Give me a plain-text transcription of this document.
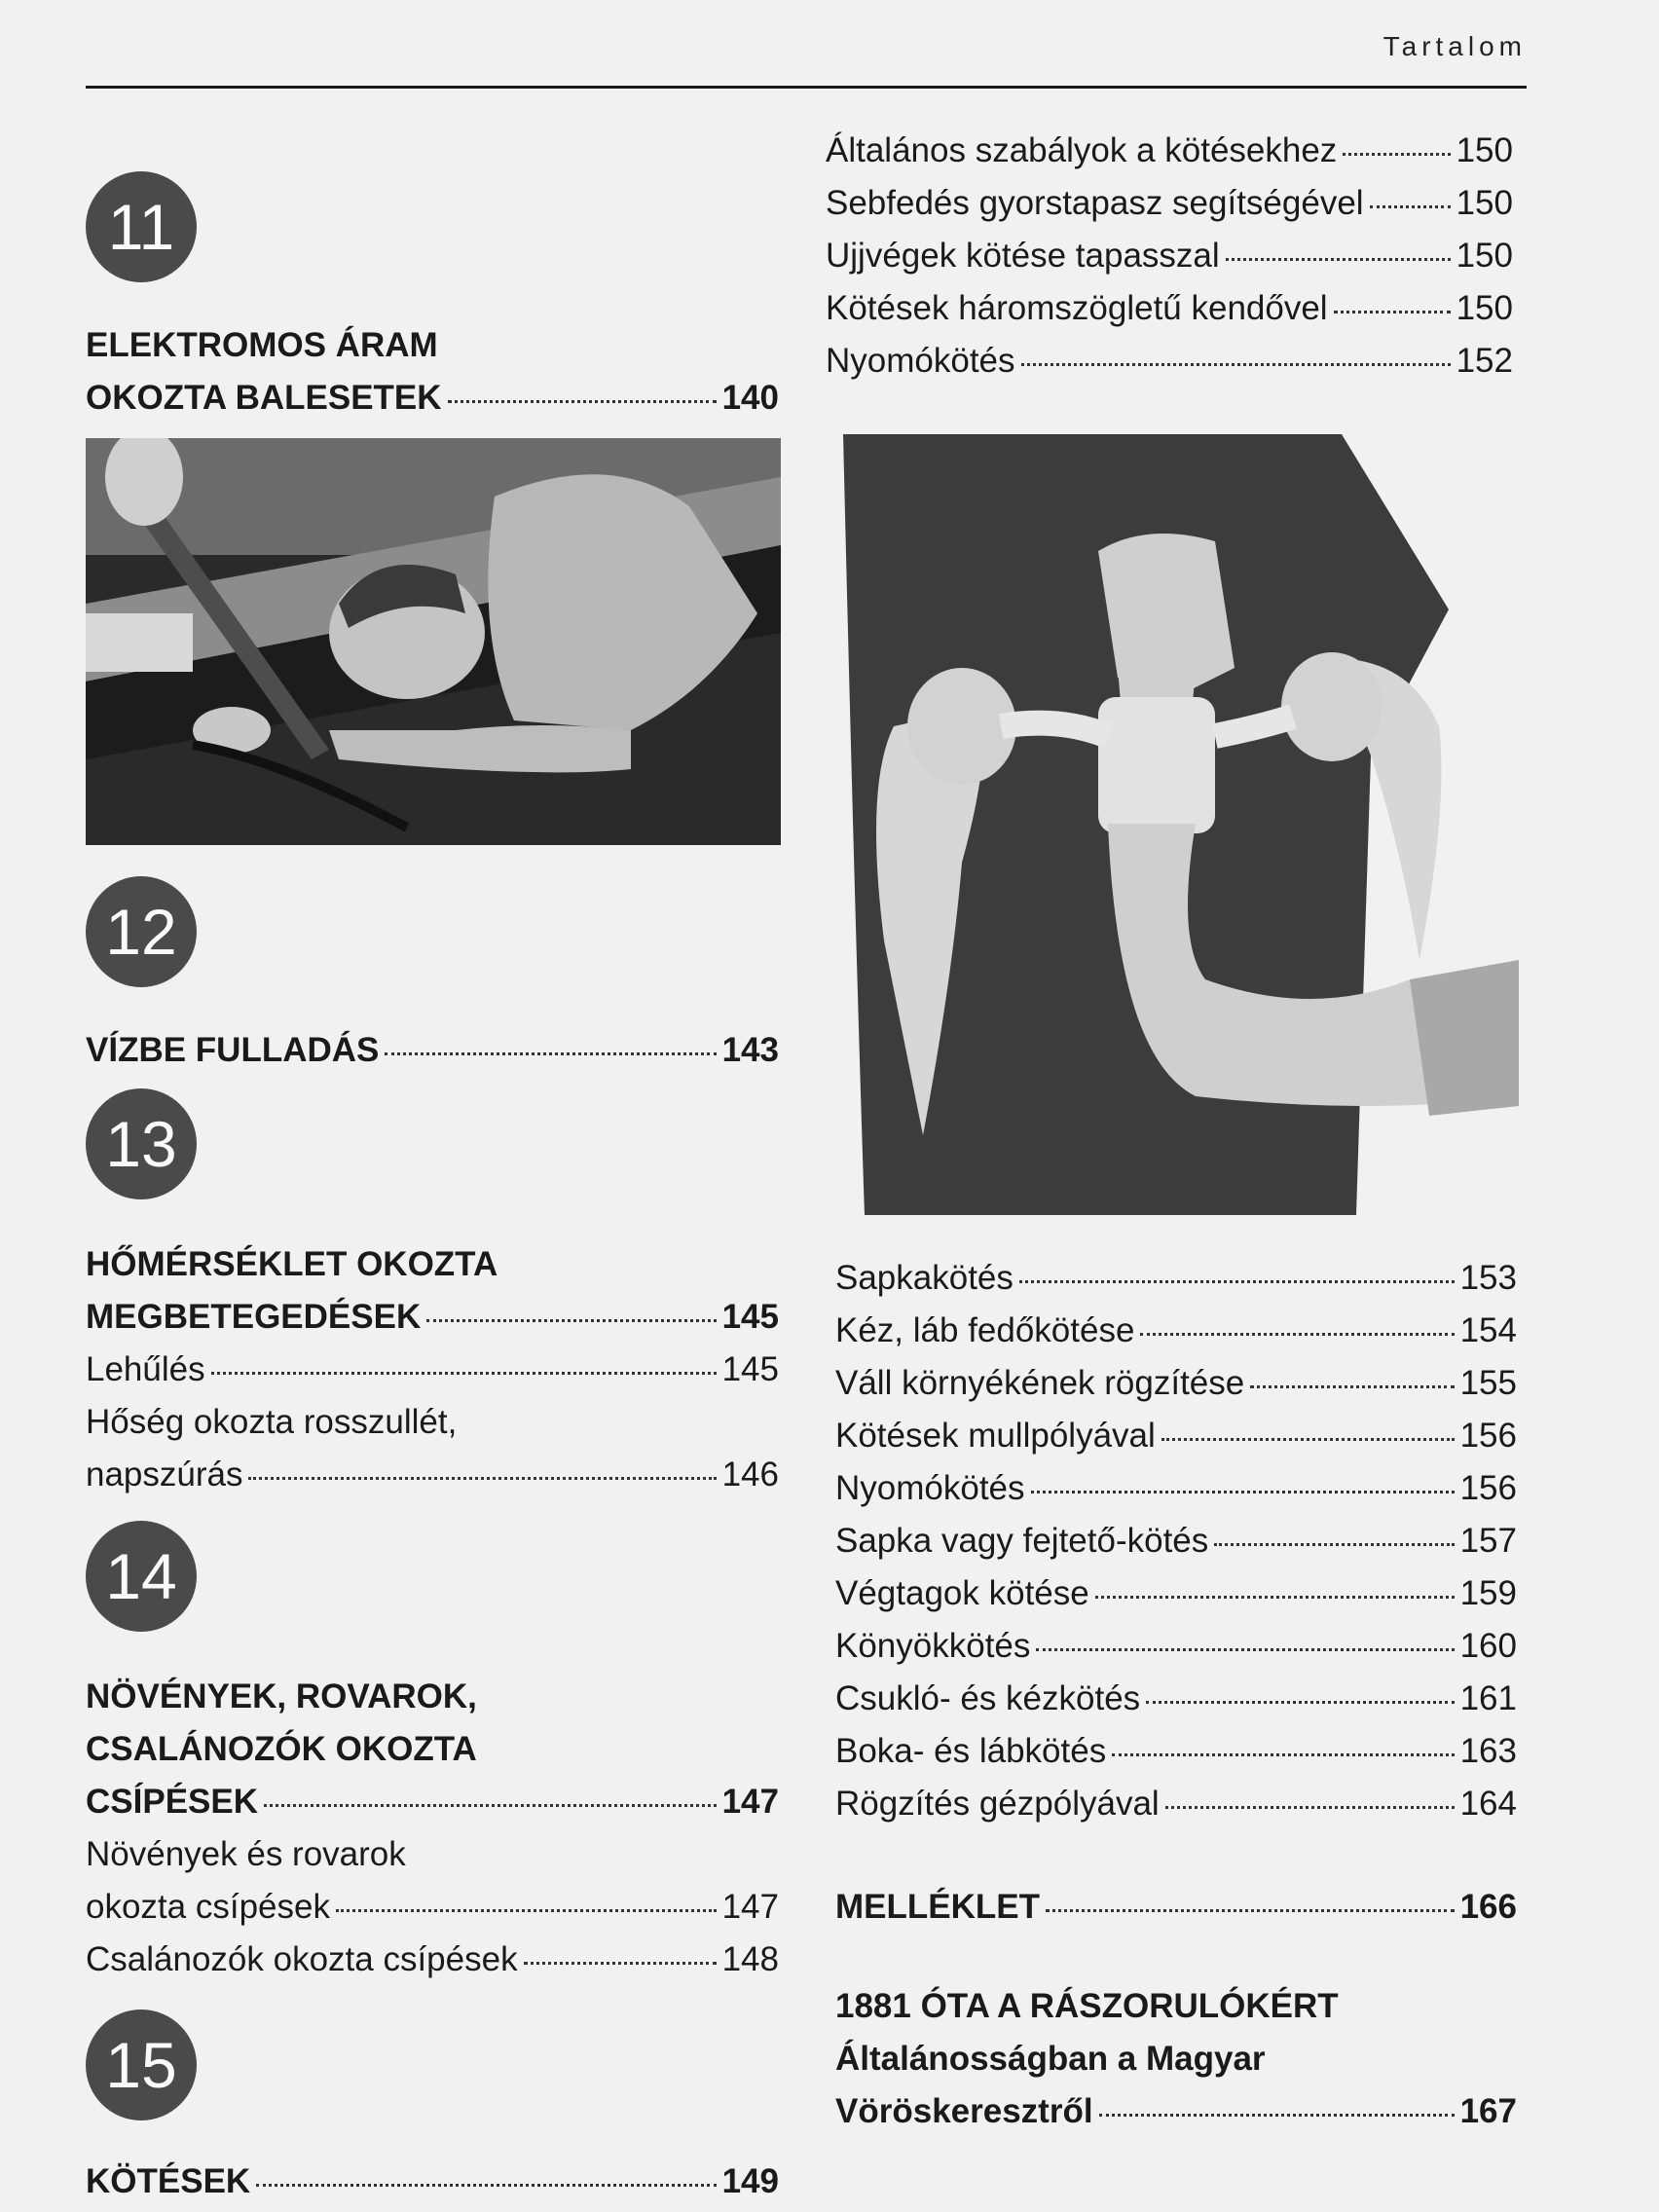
Tartalom
11
ELEKTROMOS ÁRAM
OKOZTA BALESETEK	140
12
VÍZBE FULLADÁS	143
13
HŐMÉRSÉKLET OKOZTA
MEGBETEGEDÉSEK	145
Lehűlés	145
Hőség okozta rosszullét,
napszúrás	146
14
NÖVÉNYEK, ROVAROK,
CSALÁNOZÓK OKOZTA
CSÍPÉSEK	147
Növények és rovarok
okozta csípések	147
Csalánozók okozta csípések	148
15
KÖTÉSEK	149
Általános szabályok a kötésekhez	150
Sebfedés gyorstapasz segítségével	150
Ujjvégek kötése tapasszal	150
Kötések háromszögletű kendővel	150
Nyomókötés	152
Sapkakötés	153
Kéz, láb fedőkötése	154
Váll környékének rögzítése	155
Kötések mullpólyával	156
Nyomókötés	156
Sapka vagy fejtető-kötés	157
Végtagok kötése	159
Könyökkötés	160
Csukló- és kézkötés	161
Boka- és lábkötés	163
Rögzítés gézpólyával	164
MELLÉKLET	166
1881 ÓTA A RÁSZORULÓKÉRT
Általánosságban a Magyar
Vöröskeresztről	167
